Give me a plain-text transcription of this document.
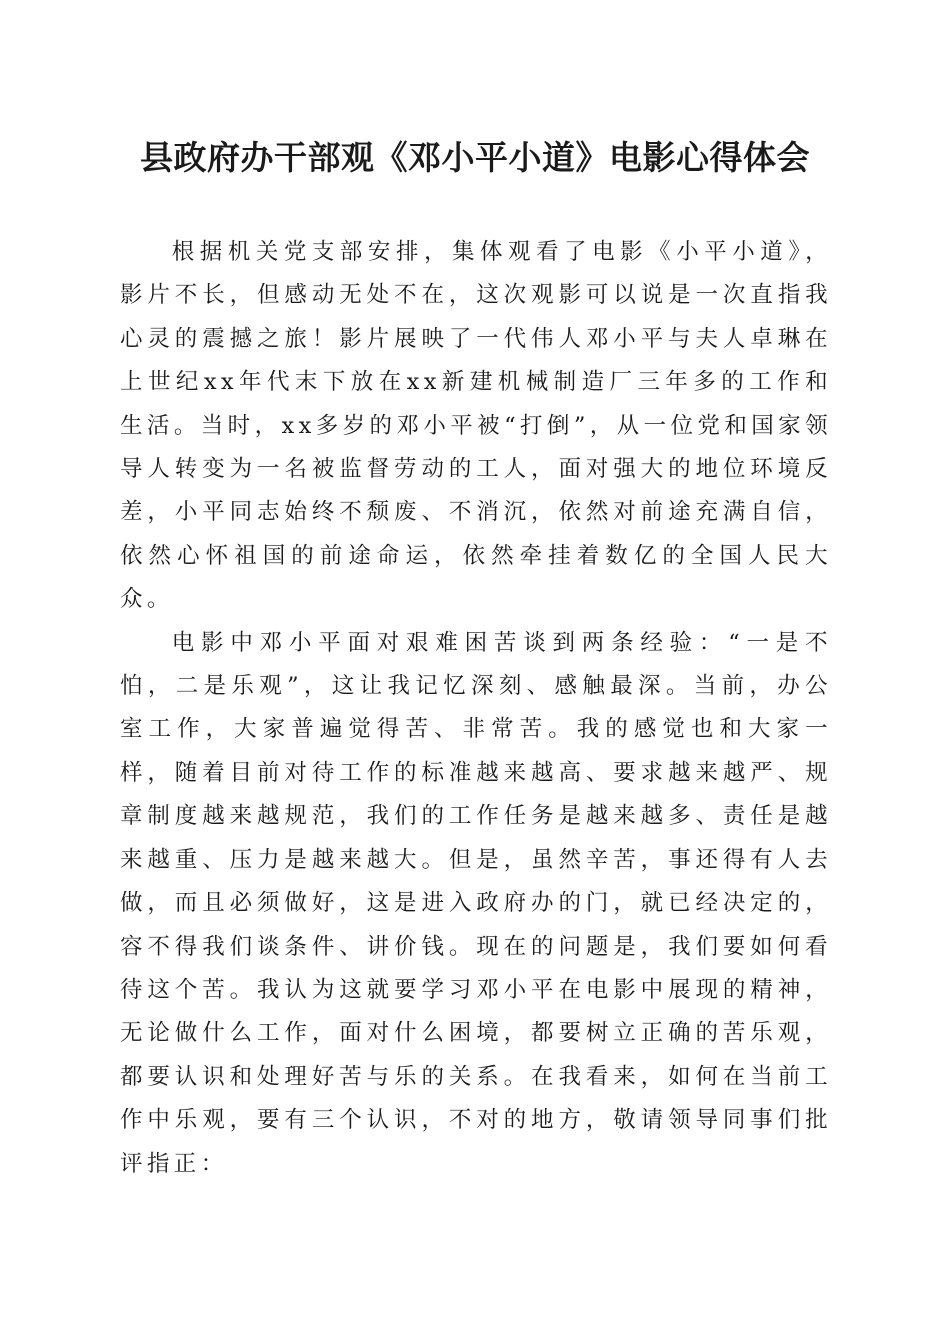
县政府办干部观《邓小平小道》电影心得体会

根据机关党支部安排，集体观看了电影《小平小道》，影片不长，但感动无处不在，这次观影可以说是一次直指我心灵的震撼之旅！影片展映了一代伟人邓小平与夫人卓琳在上世纪xx年代末下放在xx新建机械制造厂三年多的工作和生活。当时，xx多岁的邓小平被“打倒”，从一位党和国家领导人转变为一名被监督劳动的工人，面对强大的地位环境反差，小平同志始终不颓废、不消沉，依然对前途充满自信，依然心怀祖国的前途命运，依然牵挂着数亿的全国人民大众。

电影中邓小平面对艰难困苦谈到两条经验：“一是不怕，二是乐观”，这让我记忆深刻、感触最深。当前，办公室工作，大家普遍觉得苦、非常苦。我的感觉也和大家一样，随着目前对待工作的标准越来越高、要求越来越严、规章制度越来越规范，我们的工作任务是越来越多、责任是越来越重、压力是越来越大。但是，虽然辛苦，事还得有人去做，而且必须做好，这是进入政府办的门，就已经决定的，容不得我们谈条件、讲价钱。现在的问题是，我们要如何看待这个苦。我认为这就要学习邓小平在电影中展现的精神，无论做什么工作，面对什么困境，都要树立正确的苦乐观，都要认识和处理好苦与乐的关系。在我看来，如何在当前工作中乐观，要有三个认识，不对的地方，敬请领导同事们批评指正：
